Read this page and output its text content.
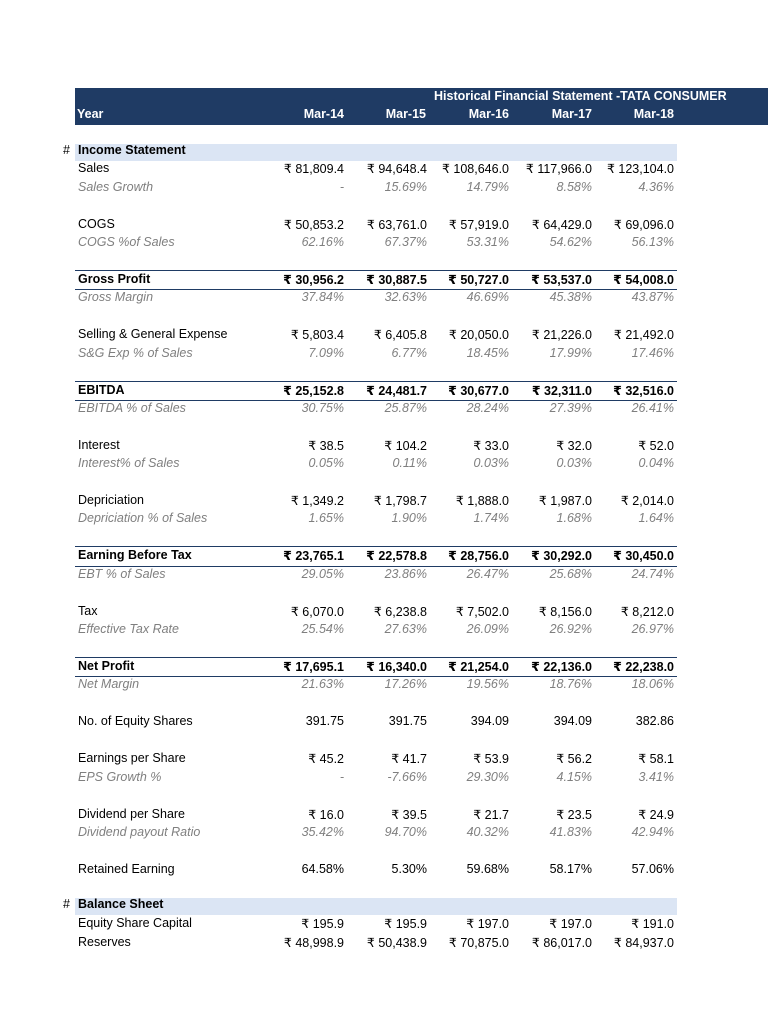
Historical Financial Statement -TATA CONSUMER
Year	Mar-14	Mar-15	Mar-16	Mar-17	Mar-18
# Income Statement
Sales	₹ 81,809.4	₹ 94,648.4	₹ 108,646.0	₹ 117,966.0	₹ 123,104.0
Sales Growth	-	15.69%	14.79%	8.58%	4.36%
COGS	₹ 50,853.2	₹ 63,761.0	₹ 57,919.0	₹ 64,429.0	₹ 69,096.0
COGS %of Sales	62.16%	67.37%	53.31%	54.62%	56.13%
Gross Profit	₹ 30,956.2	₹ 30,887.5	₹ 50,727.0	₹ 53,537.0	₹ 54,008.0
Gross Margin	37.84%	32.63%	46.69%	45.38%	43.87%
Selling & General Expense	₹ 5,803.4	₹ 6,405.8	₹ 20,050.0	₹ 21,226.0	₹ 21,492.0
S&G Exp % of Sales	7.09%	6.77%	18.45%	17.99%	17.46%
EBITDA	₹ 25,152.8	₹ 24,481.7	₹ 30,677.0	₹ 32,311.0	₹ 32,516.0
EBITDA % of Sales	30.75%	25.87%	28.24%	27.39%	26.41%
Interest	₹ 38.5	₹ 104.2	₹ 33.0	₹ 32.0	₹ 52.0
Interest% of Sales	0.05%	0.11%	0.03%	0.03%	0.04%
Depriciation	₹ 1,349.2	₹ 1,798.7	₹ 1,888.0	₹ 1,987.0	₹ 2,014.0
Depriciation % of Sales	1.65%	1.90%	1.74%	1.68%	1.64%
Earning Before Tax	₹ 23,765.1	₹ 22,578.8	₹ 28,756.0	₹ 30,292.0	₹ 30,450.0
EBT % of Sales	29.05%	23.86%	26.47%	25.68%	24.74%
Tax	₹ 6,070.0	₹ 6,238.8	₹ 7,502.0	₹ 8,156.0	₹ 8,212.0
Effective Tax Rate	25.54%	27.63%	26.09%	26.92%	26.97%
Net Profit	₹ 17,695.1	₹ 16,340.0	₹ 21,254.0	₹ 22,136.0	₹ 22,238.0
Net Margin	21.63%	17.26%	19.56%	18.76%	18.06%
No. of Equity Shares	391.75	391.75	394.09	394.09	382.86
Earnings per Share	₹ 45.2	₹ 41.7	₹ 53.9	₹ 56.2	₹ 58.1
EPS Growth %	-	-7.66%	29.30%	4.15%	3.41%
Dividend per Share	₹ 16.0	₹ 39.5	₹ 21.7	₹ 23.5	₹ 24.9
Dividend payout Ratio	35.42%	94.70%	40.32%	41.83%	42.94%
Retained Earning	64.58%	5.30%	59.68%	58.17%	57.06%
# Balance Sheet
Equity Share Capital	₹ 195.9	₹ 195.9	₹ 197.0	₹ 197.0	₹ 191.0
Reserves	₹ 48,998.9	₹ 50,438.9	₹ 70,875.0	₹ 86,017.0	₹ 84,937.0
